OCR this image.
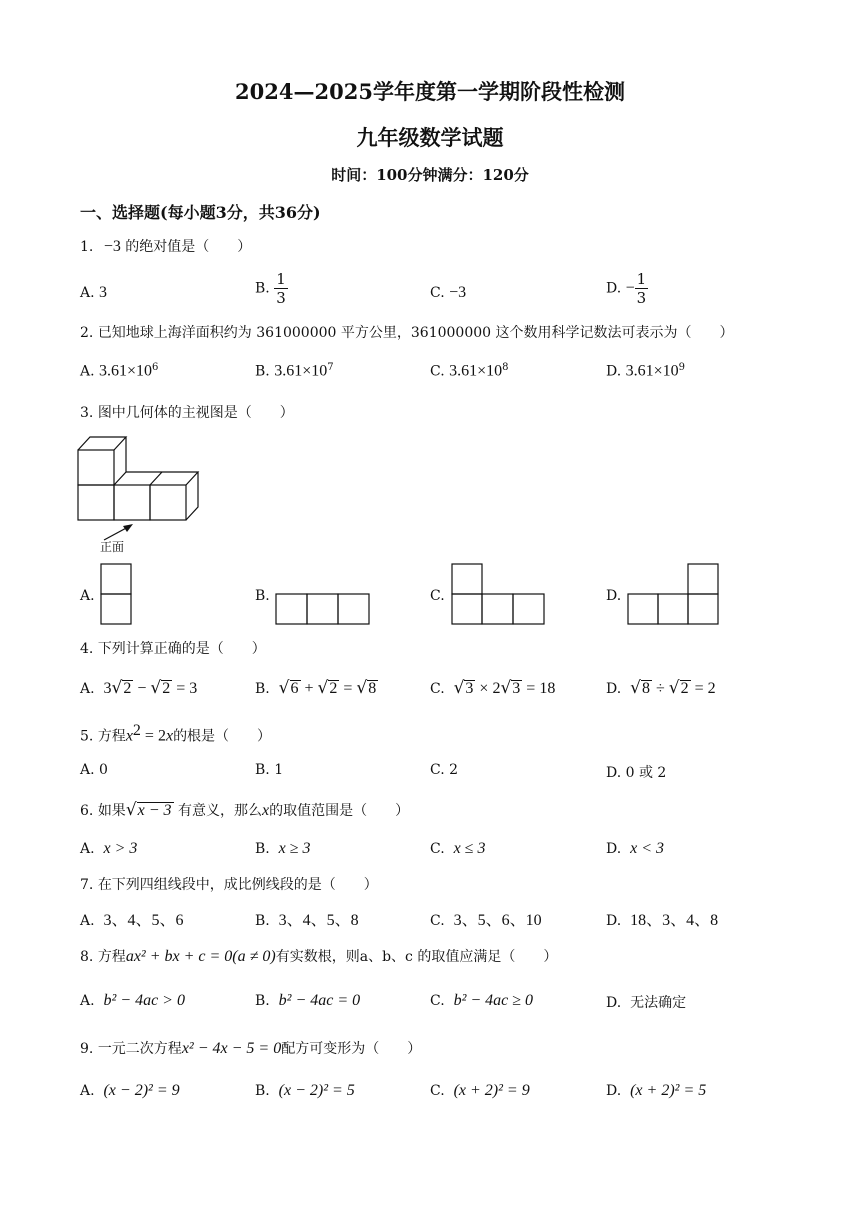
2024—2025学年度第一学期阶段性检测
九年级数学试题
时间：100分钟满分：120分
一、选择题(每小题3分，共36分)
1. −3 的绝对值是（　　）
A. 3	B. $\frac{1}{3}$	C. −3	D. − $\frac{1}{3}$
2. 已知地球上海洋面积约为 361000000 平方公里，361000000 这个数用科学记数法可表示为（　　）
A. $3.61\times 10^6$	B. $3.61\times 10^7$	C. $3.61\times 10^8$	D. $3.61\times 10^9$
3. 图中几何体的主视图是（　　）
正面
A.	B.	C.	D.
4. 下列计算正确的是（　　）
A. 3√2 − √2 = 3	B. √6 + √2 = √8	C. √3 × 2√3 = 18	D. √8 ÷ √2 = 2
5. 方程$x^2 = 2x$的根是（　　）
A. 0	B. 1	C. 2	D. 0 或 2
6. 如果√x − 3 有意义，那么x的取值范围是（　　）
A. x > 3	B. x ≥ 3	C. x ≤ 3	D. x < 3
7. 在下列四组线段中，成比例线段的是（　　）
A. 3、4、5、6	B. 3、4、5、8	C. 3、5、6、10	D. 18、3、4、8
8. 方程ax² + bx + c = 0(a ≠ 0)有实数根，则a、b、c 的取值应满足（　　）
A. b² − 4ac > 0	B. b² − 4ac = 0	C. b² − 4ac ≥ 0	D. 无法确定
9. 一元二次方程x² − 4x − 5 = 0配方可变形为（　　）
A. (x − 2)² = 9	B. (x − 2)² = 5	C. (x + 2)² = 9	D. (x + 2)² = 5
